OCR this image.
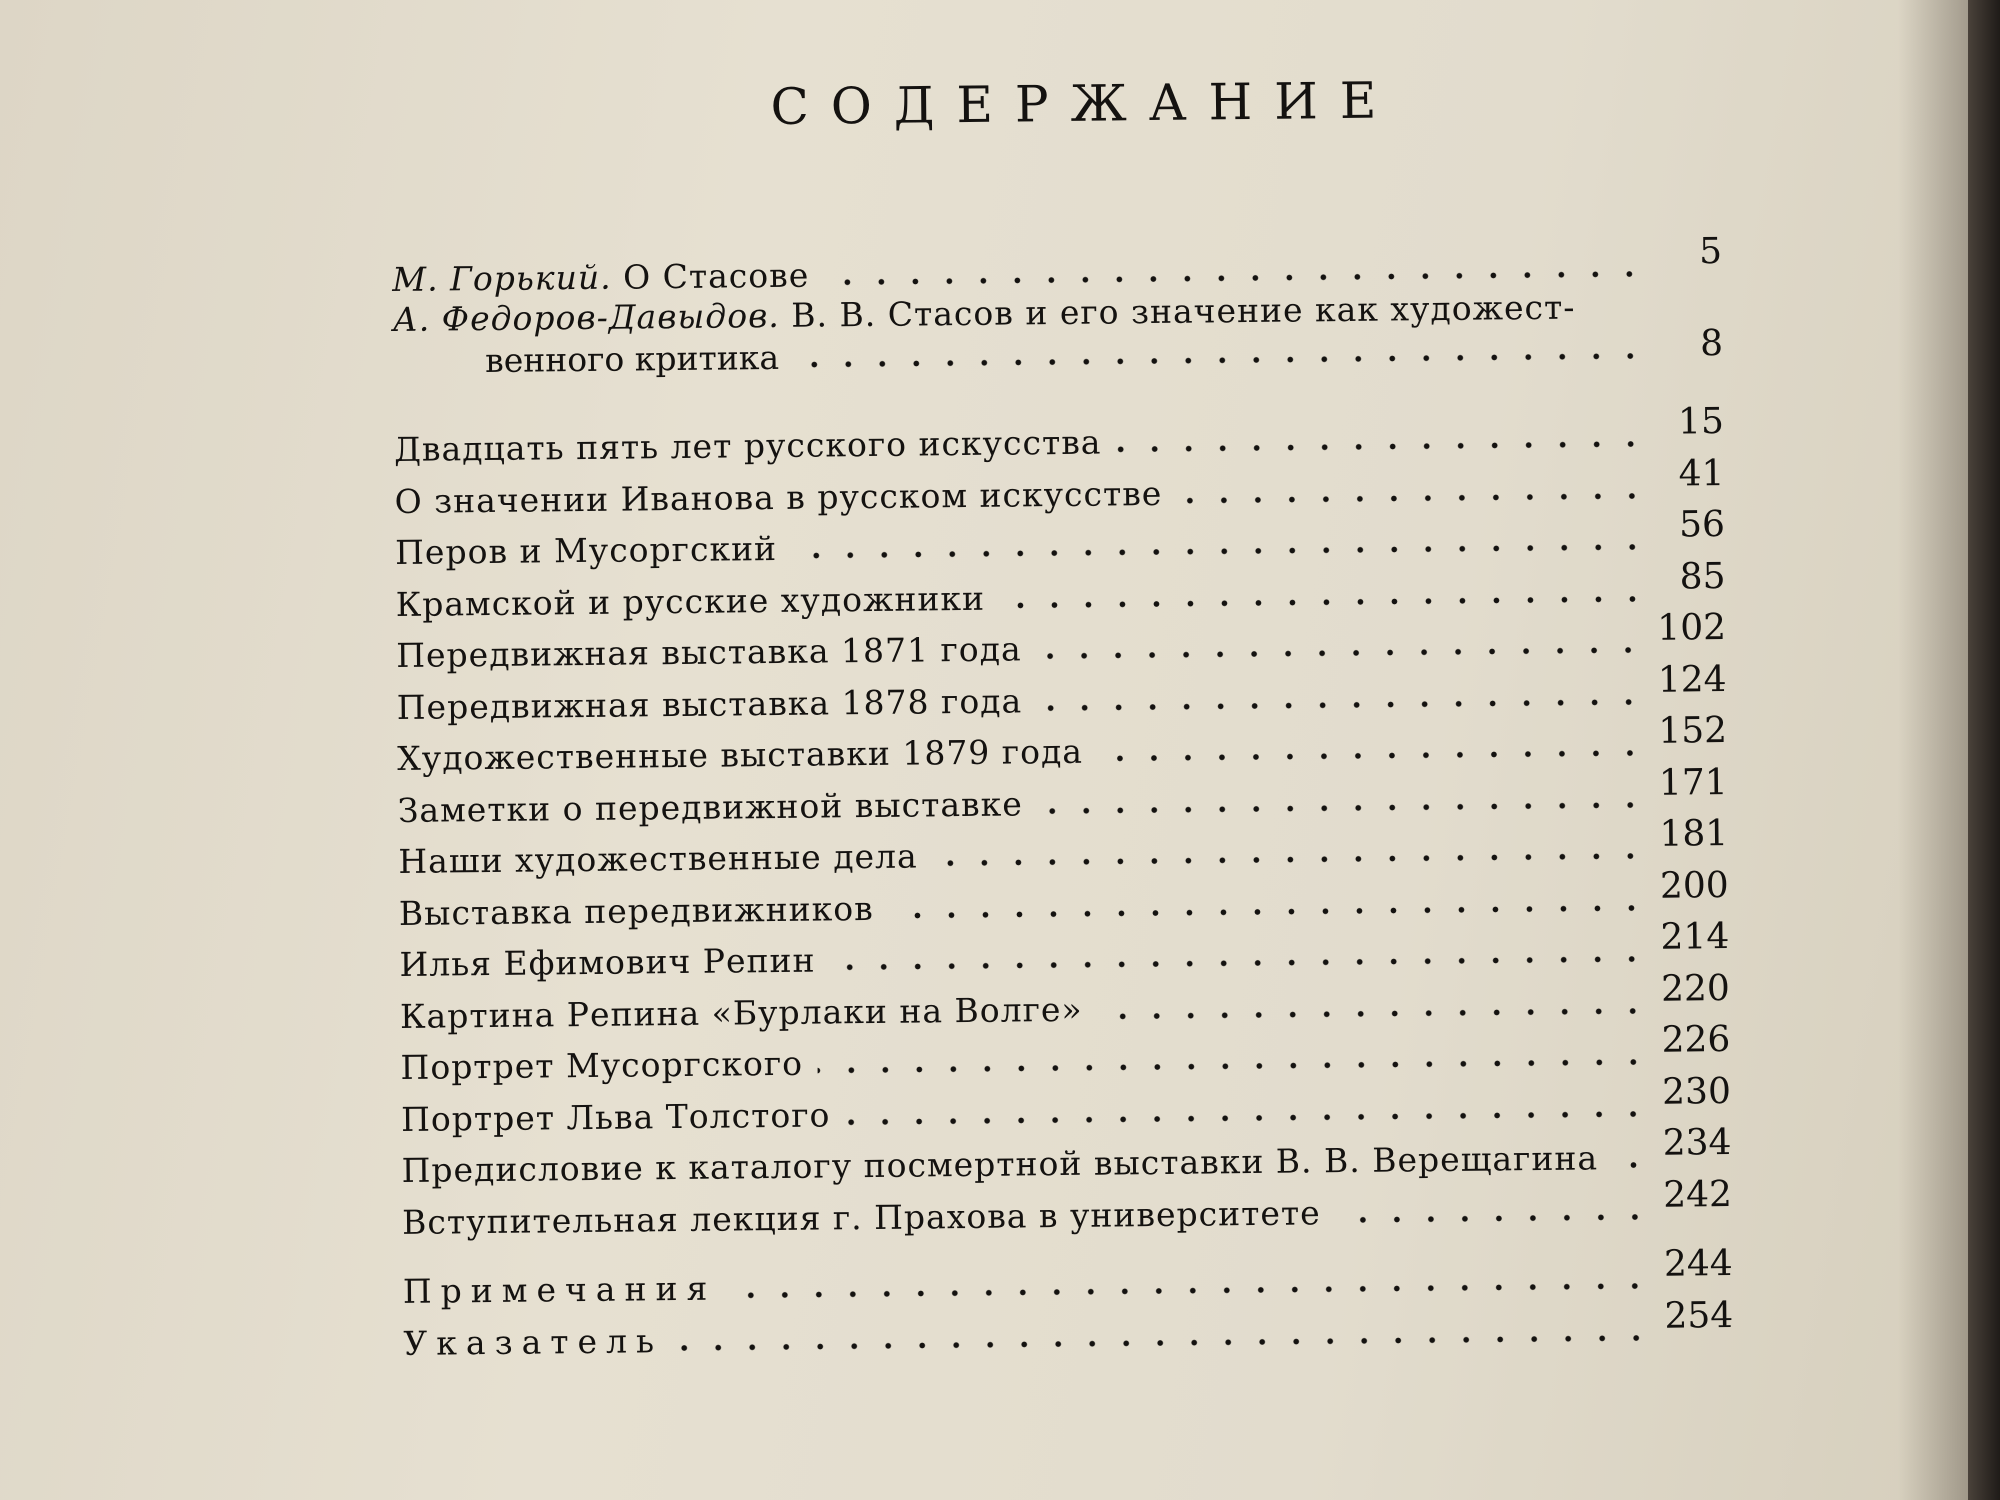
СОДЕРЖАНИЕ
М. Горький. О Стасове
5
А. Федоров-Давыдов. В. В. Стасов и его значение как художест-
венного критика	8
Двадцать пять лет русского искусства
15
О значении Иванова в русском искусстве
41
Перов и Мусоргский
56
Крамской и русские художники
85
Передвижная выставка 1871 года
102
Передвижная выставка 1878 года
124
Художественные выставки 1879 года
152
Заметки о передвижной выставке
171
Наши художественные дела
181
Выставка передвижников
200
Илья Ефимович Репин
214
Картина Репина «Бурлаки на Волге»
220
Портрет Мусоргского
226
Портрет Льва Толстого
230
Предисловие к каталогу посмертной выставки В. В. Верещагина 234
Вступительная лекция г. Прахова в университете	242
Примечания
244
Указатель
254
